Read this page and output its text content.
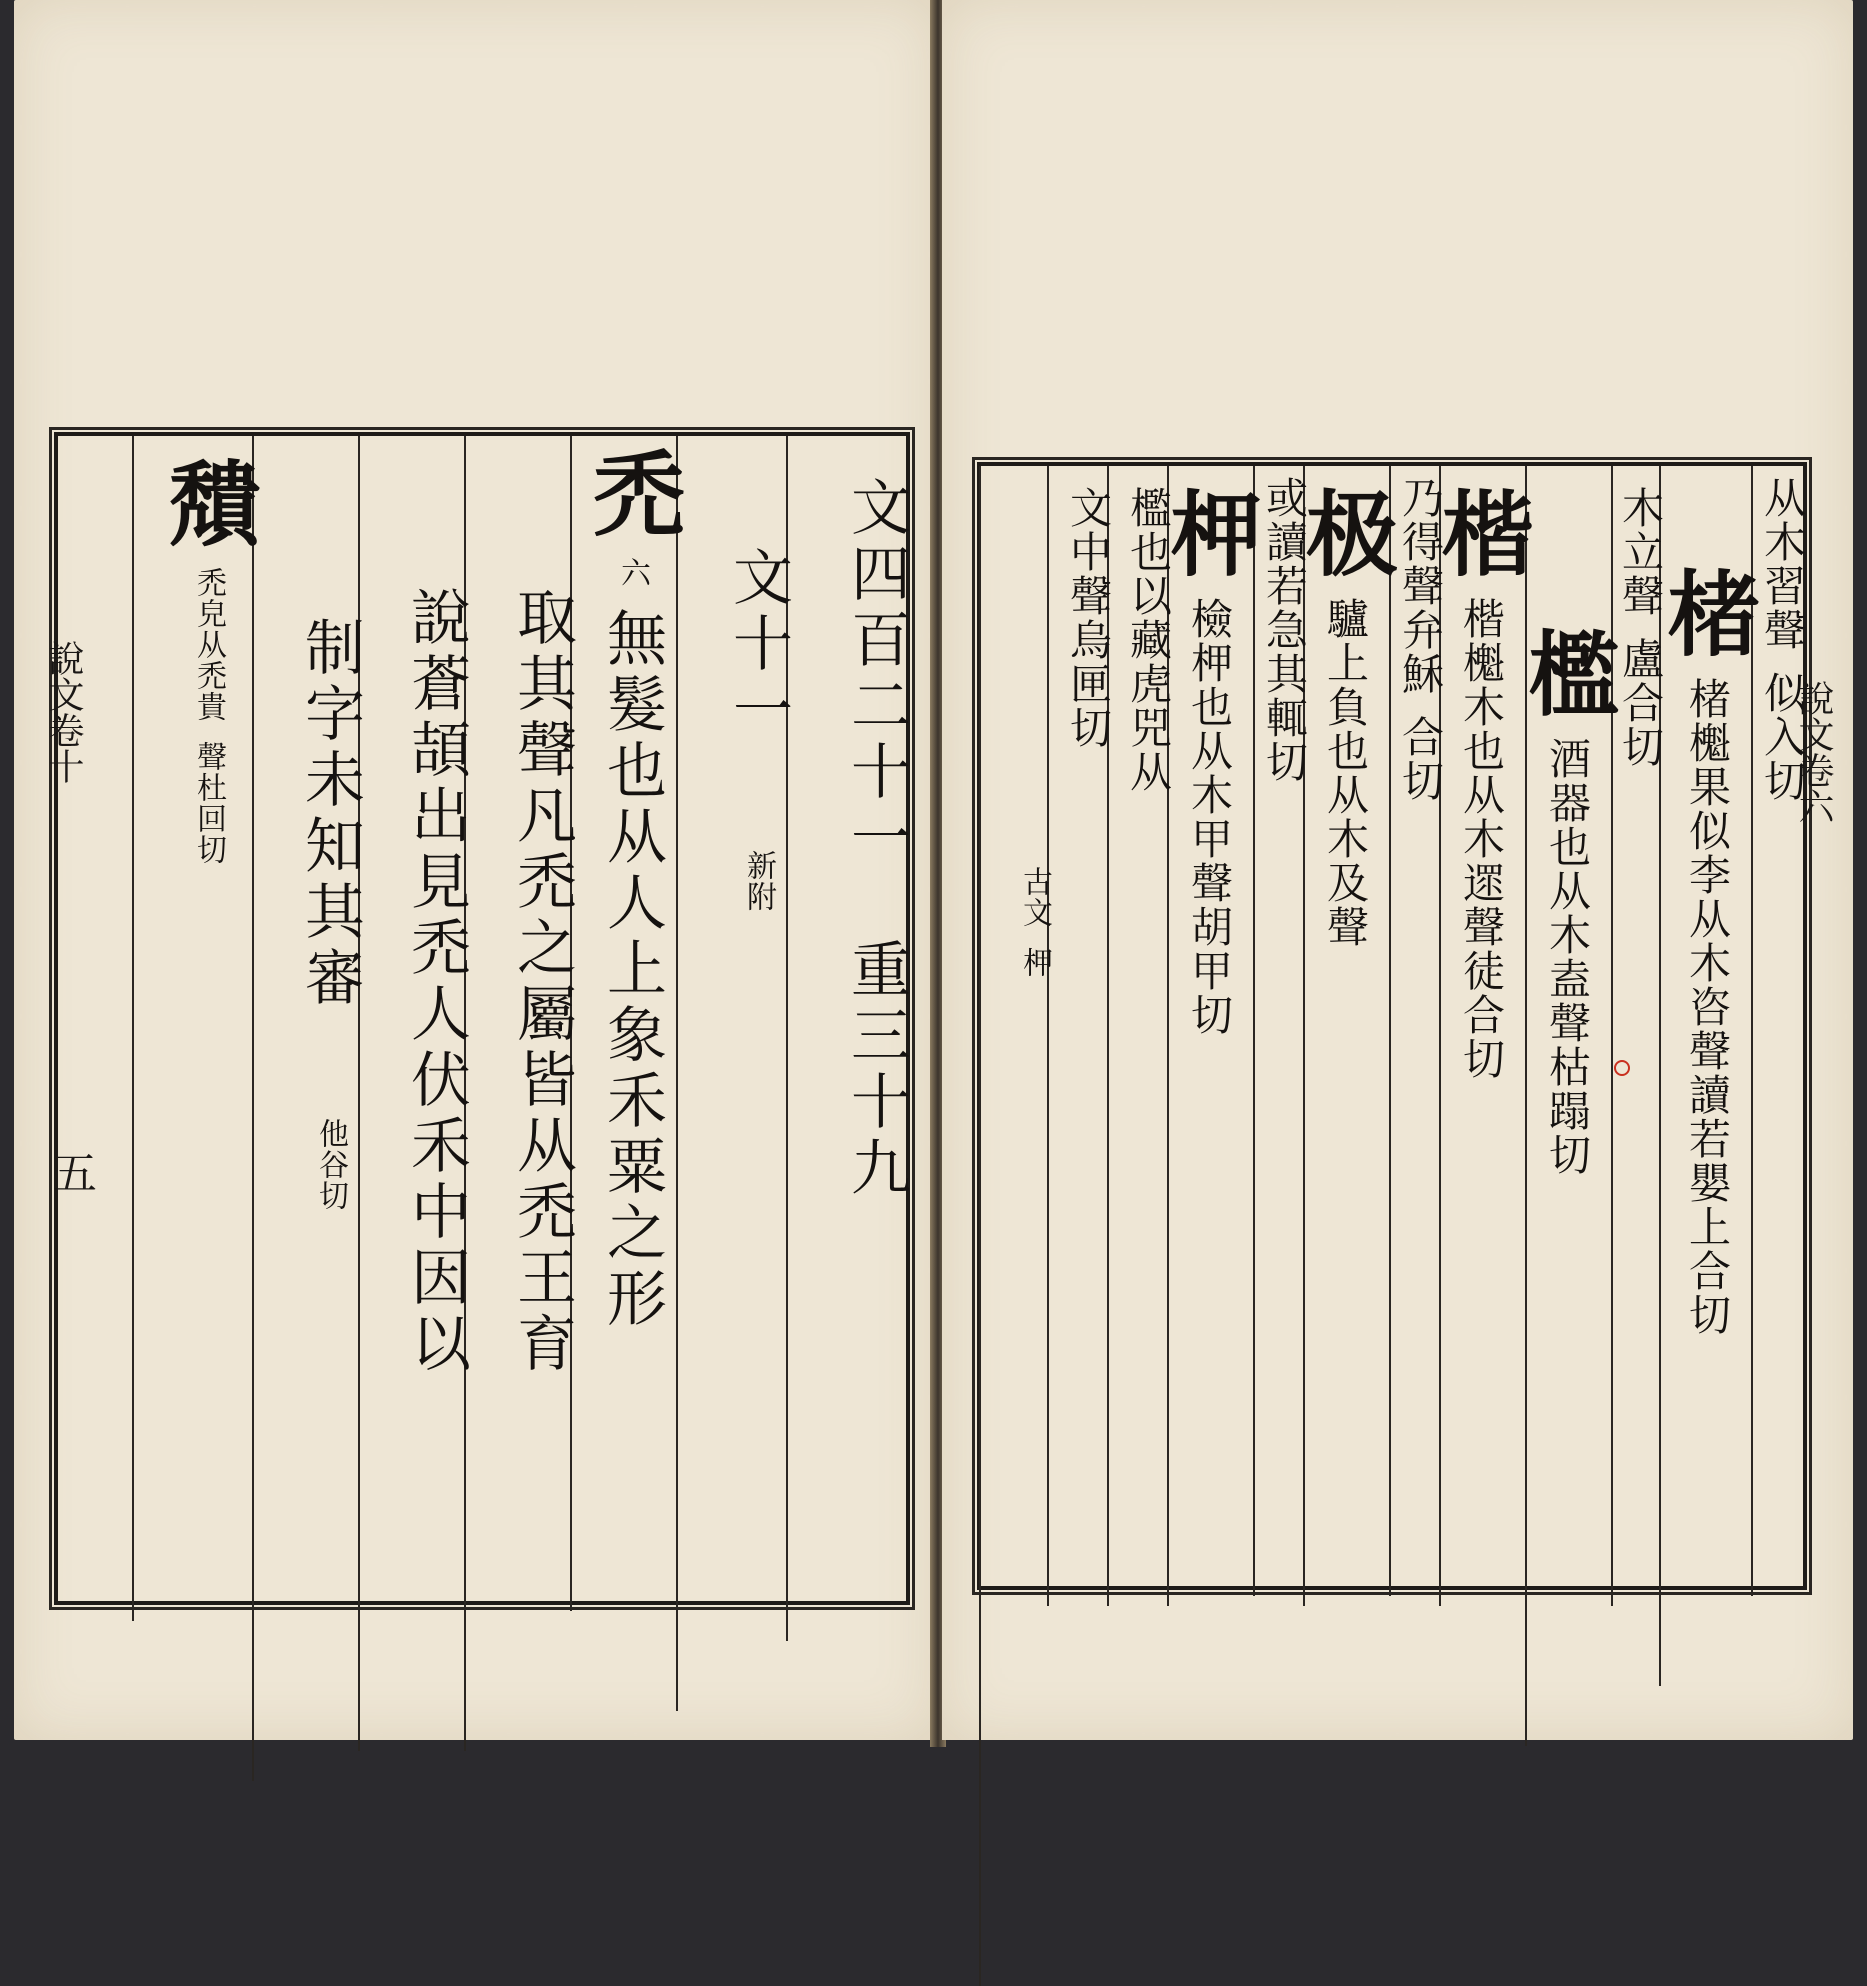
文四百二十一　重三十九
文十一 新附
禿 六 無髮也从人上象禾粟之形
取其聲凡禿之屬皆从禿王育
說蒼頡出見禿人伏禾中因以
制字未知其審 他谷切
穨 禿皃从禿貴 聲杜回切
說文卷十
五
从木習聲 似入切
楮 楮櫆果似李从木咨聲讀若嬰上合切
木立聲 盧合切
檻 酒器也从木盍聲枯蹋切
楷 楷櫆木也从木遝聲徒合切
乃得聲弁穌 合切
极 驢上負也从木及聲
或讀若急其輒切
柙 檢柙也从木甲聲胡甲切
檻也以藏虎兕从
文中聲烏匣切
古文 柙
說文卷六
